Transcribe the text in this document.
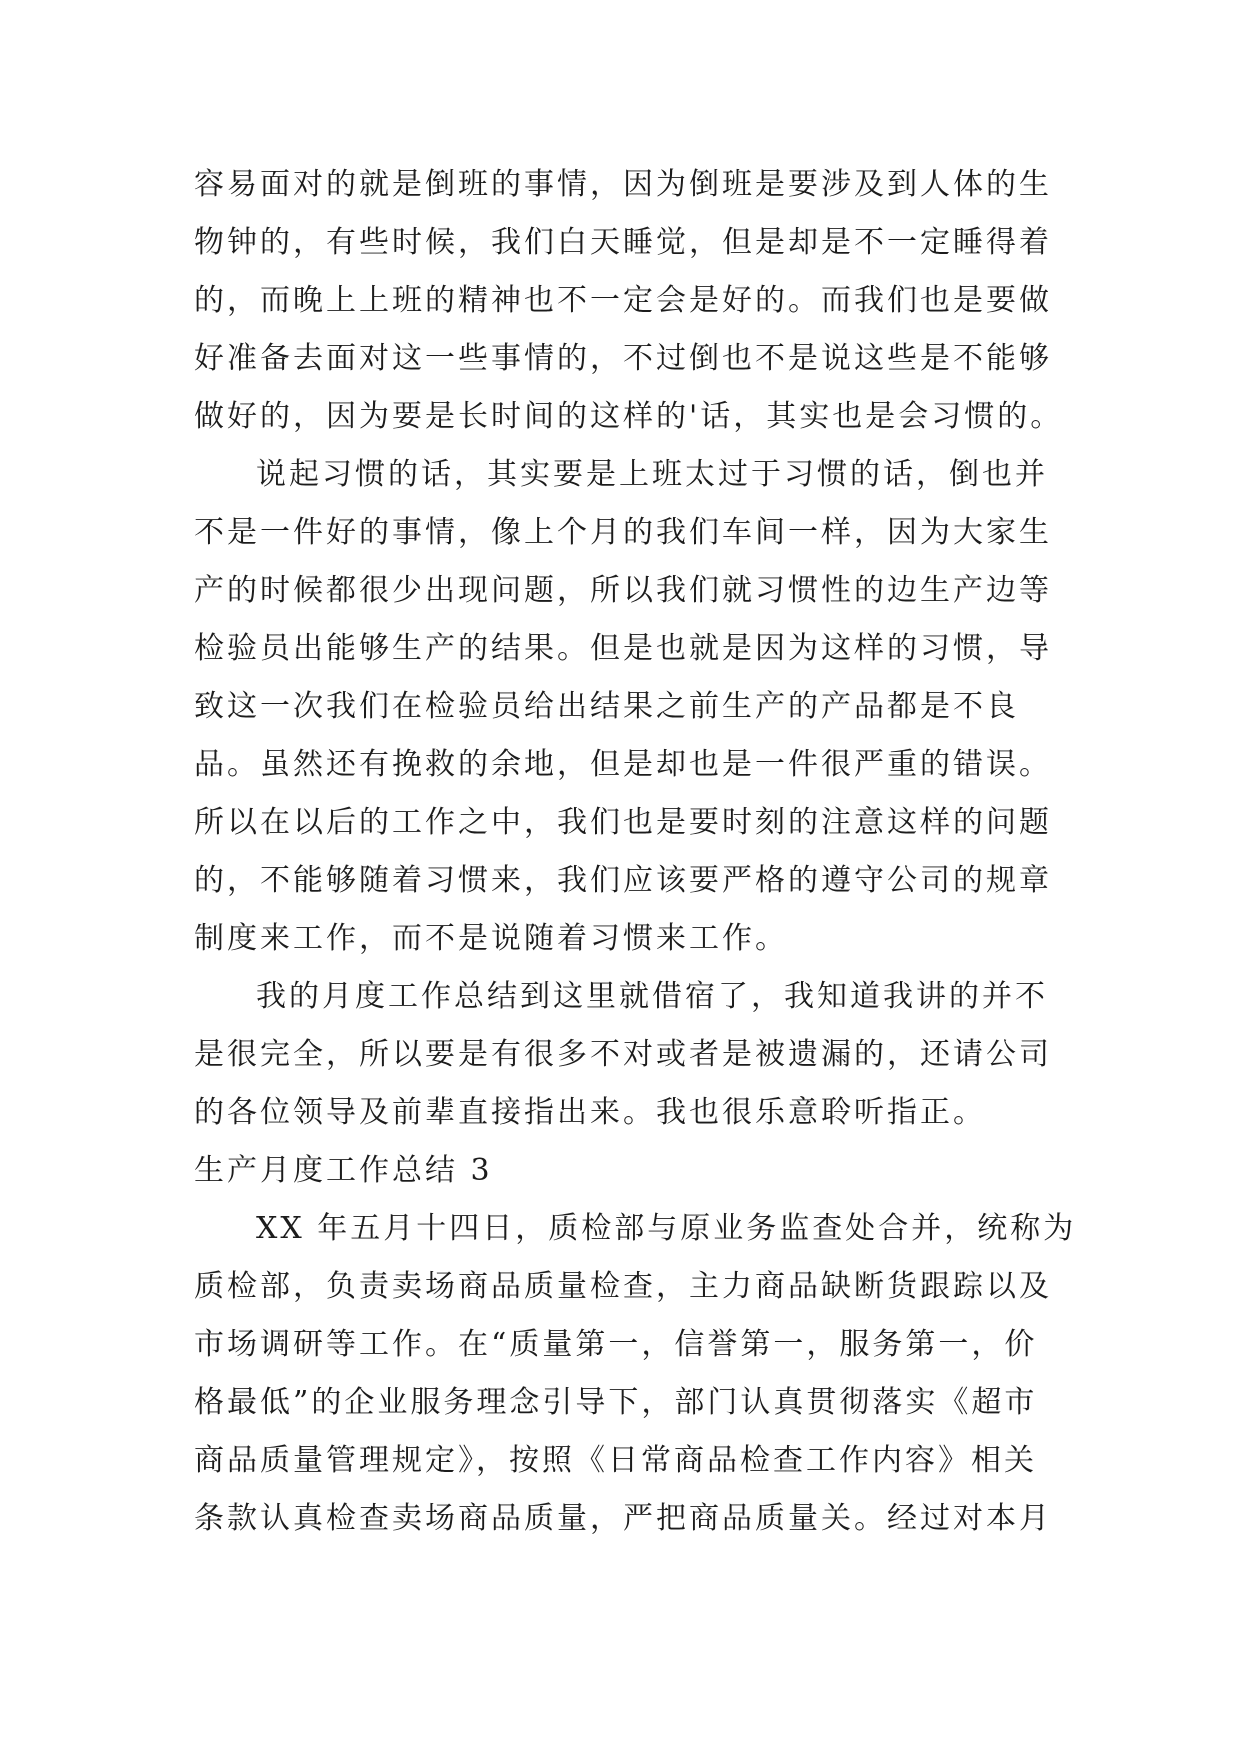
容易面对的就是倒班的事情，因为倒班是要涉及到人体的生
物钟的，有些时候，我们白天睡觉，但是却是不一定睡得着
的，而晚上上班的精神也不一定会是好的。而我们也是要做
好准备去面对这一些事情的，不过倒也不是说这些是不能够
做好的，因为要是长时间的这样的'话，其实也是会习惯的。
说起习惯的话，其实要是上班太过于习惯的话，倒也并
不是一件好的事情，像上个月的我们车间一样，因为大家生
产的时候都很少出现问题，所以我们就习惯性的边生产边等
检验员出能够生产的结果。但是也就是因为这样的习惯，导
致这一次我们在检验员给出结果之前生产的产品都是不良
品。虽然还有挽救的余地，但是却也是一件很严重的错误。
所以在以后的工作之中，我们也是要时刻的注意这样的问题
的，不能够随着习惯来，我们应该要严格的遵守公司的规章
制度来工作，而不是说随着习惯来工作。
我的月度工作总结到这里就借宿了，我知道我讲的并不
是很完全，所以要是有很多不对或者是被遗漏的，还请公司
的各位领导及前辈直接指出来。我也很乐意聆听指正。
生产月度工作总结 3
XX 年五月十四日，质检部与原业务监查处合并，统称为
质检部，负责卖场商品质量检查，主力商品缺断货跟踪以及
市场调研等工作。在“质量第一，信誉第一，服务第一，价
格最低”的企业服务理念引导下，部门认真贯彻落实《超市
商品质量管理规定》，按照《日常商品检查工作内容》相关
条款认真检查卖场商品质量，严把商品质量关。经过对本月
